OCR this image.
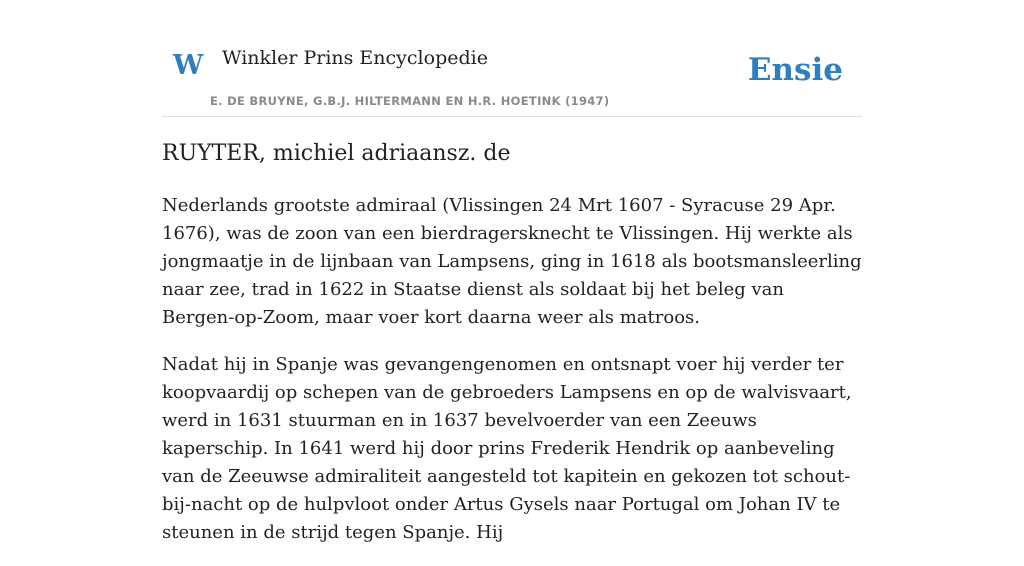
W Winkler Prins Encyclopedie
E. DE BRUYNE, G.B.J. HILTERMANN EN H.R. HOETINK (1947)
Ensie
RUYTER, michiel adriaansz. de

Nederlands grootste admiraal (Vlissingen 24 Mrt 1607 - Syracuse 29 Apr. 1676), was de zoon van een bierdragersknecht te Vlissingen. Hij werkte als jongmaatje in de lijnbaan van Lampsens, ging in 1618 als bootsmansleerling naar zee, trad in 1622 in Staatse dienst als soldaat bij het beleg van Bergen-op-Zoom, maar voer kort daarna weer als matroos.

Nadat hij in Spanje was gevangengenomen en ontsnapt voer hij verder ter koopvaardij op schepen van de gebroeders Lampsens en op de walvisvaart, werd in 1631 stuurman en in 1637 bevelvoerder van een Zeeuws kaperschip. In 1641 werd hij door prins Frederik Hendrik op aanbeveling van de Zeeuwse admiraliteit aangesteld tot kapitein en gekozen tot schout-bij-nacht op de hulpvloot onder Artus Gysels naar Portugal om Johan IV te steunen in de strijd tegen Spanje. Hij
